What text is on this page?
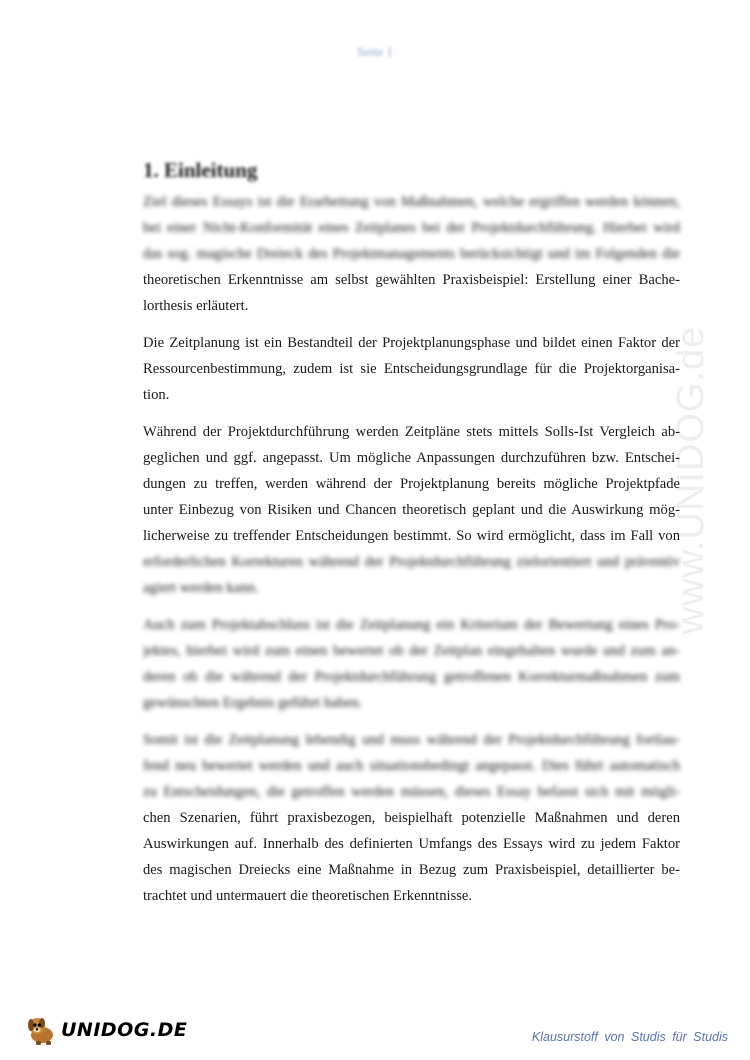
Seite 1
www.UNIDOG.de
1. Einleitung

Ziel dieses Essays ist die Erarbeitung von Maßnahmen, welche ergriffen werden können,
bei einer Nicht-Konformität eines Zeitplanes bei der Projektdurchführung. Hierbei wird
das sog. magische Dreieck des Projektmanagements berücksichtigt und im Folgenden die
theoretischen Erkenntnisse am selbst gewählten Praxisbeispiel: Erstellung einer Bache-
lorthesis erläutert.

Die Zeitplanung ist ein Bestandteil der Projektplanungsphase und bildet einen Faktor der
Ressourcenbestimmung, zudem ist sie Entscheidungsgrundlage für die Projektorganisa-
tion.

Während der Projektdurchführung werden Zeitpläne stets mittels Solls-Ist Vergleich ab-
geglichen und ggf. angepasst. Um mögliche Anpassungen durchzuführen bzw. Entschei-
dungen zu treffen, werden während der Projektplanung bereits mögliche Projektpfade
unter Einbezug von Risiken und Chancen theoretisch geplant und die Auswirkung mög-
licherweise zu treffender Entscheidungen bestimmt. So wird ermöglicht, dass im Fall von
erforderlichen Korrekturen während der Projektdurchführung zielorientiert und präventiv
agiert werden kann.

Auch zum Projektabschluss ist die Zeitplanung ein Kriterium der Bewertung eines Pro-
jektes, hierbei wird zum einen bewertet ob der Zeitplan eingehalten wurde und zum an-
deren ob die während der Projektdurchführung getroffenen Korrekturmaßnahmen zum
gewünschten Ergebnis geführt haben.

Somit ist die Zeitplanung lebendig und muss während der Projektdurchführung fortlau-
fend neu bewertet werden und auch situationsbedingt angepasst. Dies führt automatisch
zu Entscheidungen, die getroffen werden müssen, dieses Essay befasst sich mit mögli-
chen Szenarien, führt praxisbezogen, beispielhaft potenzielle Maßnahmen und deren
Auswirkungen auf. Innerhalb des definierten Umfangs des Essays wird zu jedem Faktor
des magischen Dreiecks eine Maßnahme in Bezug zum Praxisbeispiel, detaillierter be-
trachtet und untermauert die theoretischen Erkenntnisse.

UNIDOG.DE	Klausurstoff von Studis für Studis
